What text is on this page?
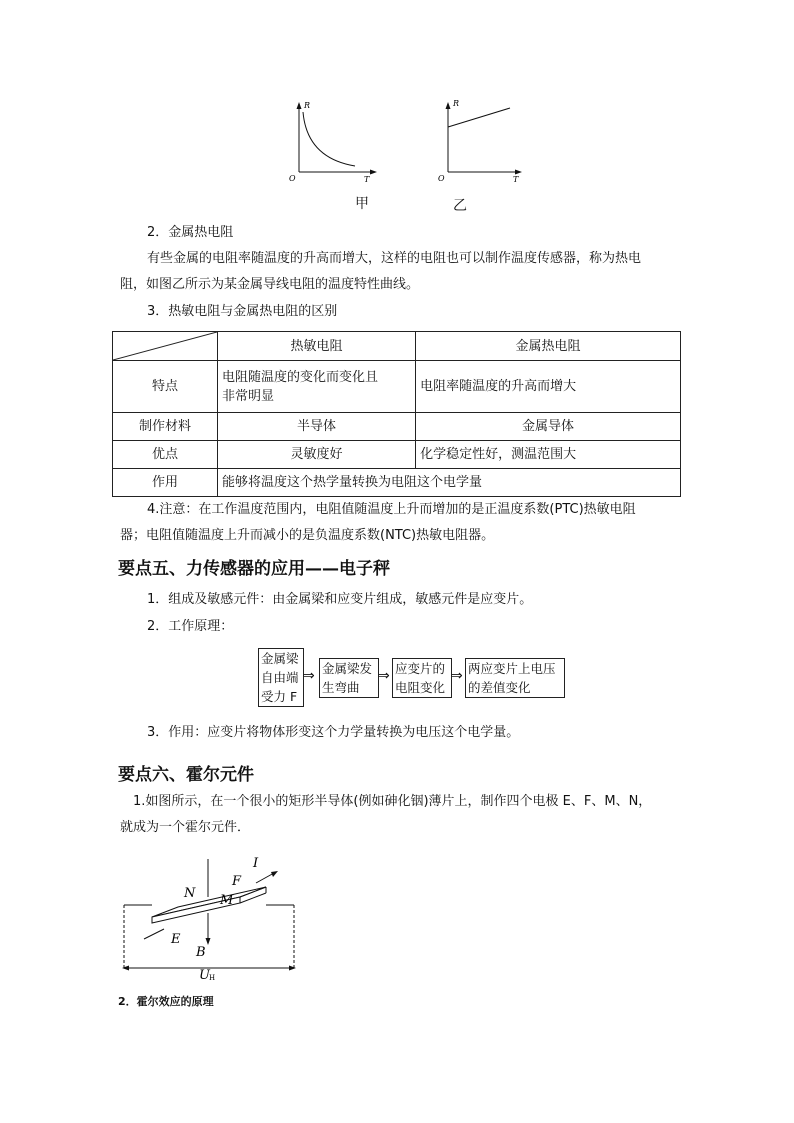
R
O	T
甲
R
O	T
乙
2．金属热电阻
有些金属的电阻率随温度的升高而增大，这样的电阻也可以制作温度传感器，称为热电
阻，如图乙所示为某金属导线电阻的温度特性曲线。
3．热敏电阻与金属热电阻的区别
	热敏电阻	金属热电阻
特点	电阻随温度的变化而变化且
非常明显	电阻率随温度的升高而增大
制作材料	半导体	金属导体
优点	灵敏度好	化学稳定性好，测温范围大
作用	能够将温度这个热学量转换为电阻这个电学量	
4.注意：在工作温度范围内，电阻值随温度上升而增加的是正温度系数(PTC)热敏电阻
器；电阻值随温度上升而减小的是负温度系数(NTC)热敏电阻器。
要点五、力传感器的应用——电子秤
1．组成及敏感元件：由金属梁和应变片组成，敏感元件是应变片。
2．工作原理：
金属梁
自由端
受力 F
⇒ 金属梁发
生弯曲
⇒ 应变片的
电阻变化
⇒ 两应变片上电压
的差值变化
3．作用：应变片将物体形变这个力学量转换为电压这个电学量。
要点六、霍尔元件
1.如图所示，在一个很小的矩形半导体(例如砷化铟)薄片上，制作四个电极 E、F、M、N，
就成为一个霍尔元件．
I
F
N M
E
B
U H
2．霍尔效应的原理
